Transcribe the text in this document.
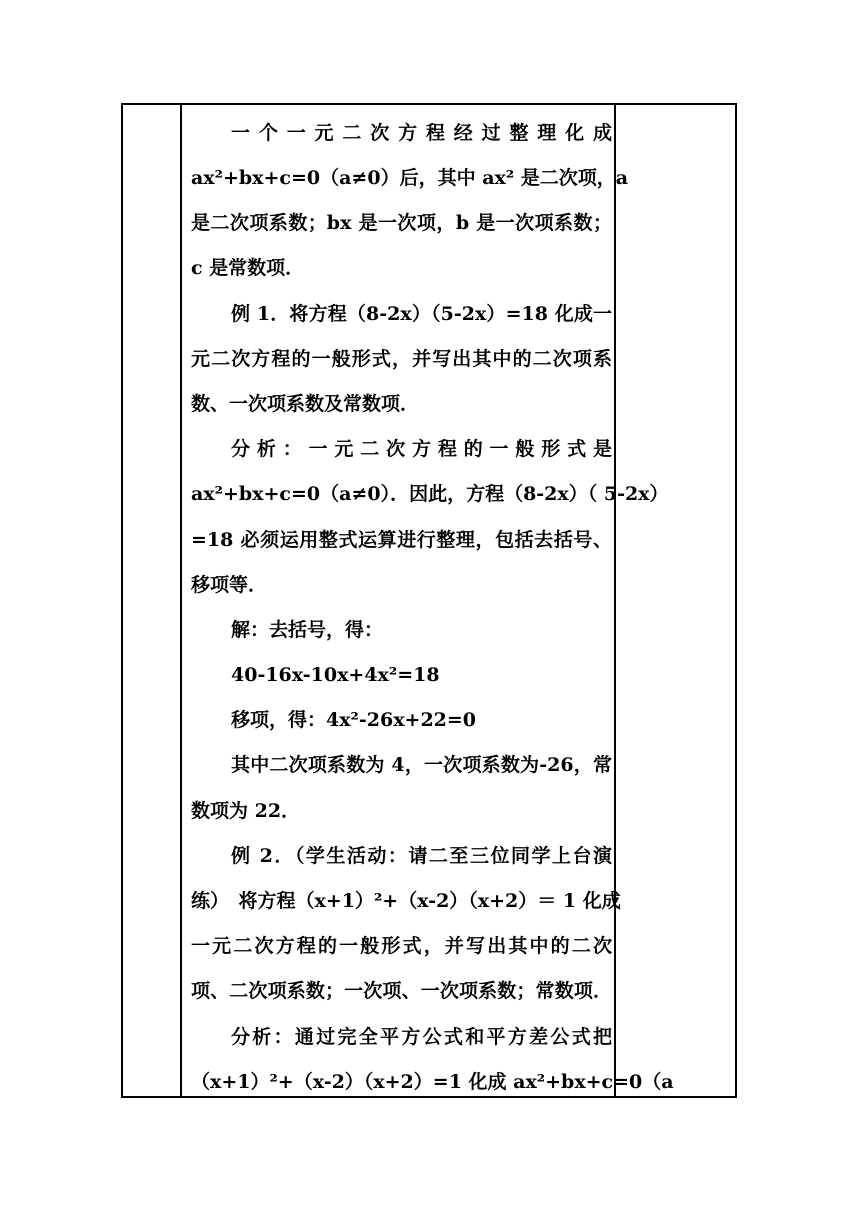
一个一元二次方程经过整理化成
ax²+bx+c=0（a≠0）后，其中 ax² 是二次项，a
是二次项系数；bx 是一次项，b 是一次项系数；
c 是常数项．
例 1．将方程（8-2x）（5-2x）=18 化成一
元二次方程的一般形式，并写出其中的二次项系
数、一次项系数及常数项．
分析：一元二次方程的一般形式是
ax²+bx+c=0（a≠0）．因此，方程（8-2x）（ 5-2x）
=18 必须运用整式运算进行整理，包括去括号、
移项等．
解：去括号，得：
40-16x-10x+4x²=18
移项，得：4x²-26x+22=0
其中二次项系数为 4，一次项系数为-26，常
数项为 22．
例 2．（学生活动：请二至三位同学上台演
练）　将方程（x+1）²+（x-2）（x+2）＝ 1 化成
一元二次方程的一般形式，并写出其中的二次
项、二次项系数；一次项、一次项系数；常数项．
分析：通过完全平方公式和平方差公式把
（x+1）²+（x-2）（x+2）=1 化成 ax²+bx+c=0（a
